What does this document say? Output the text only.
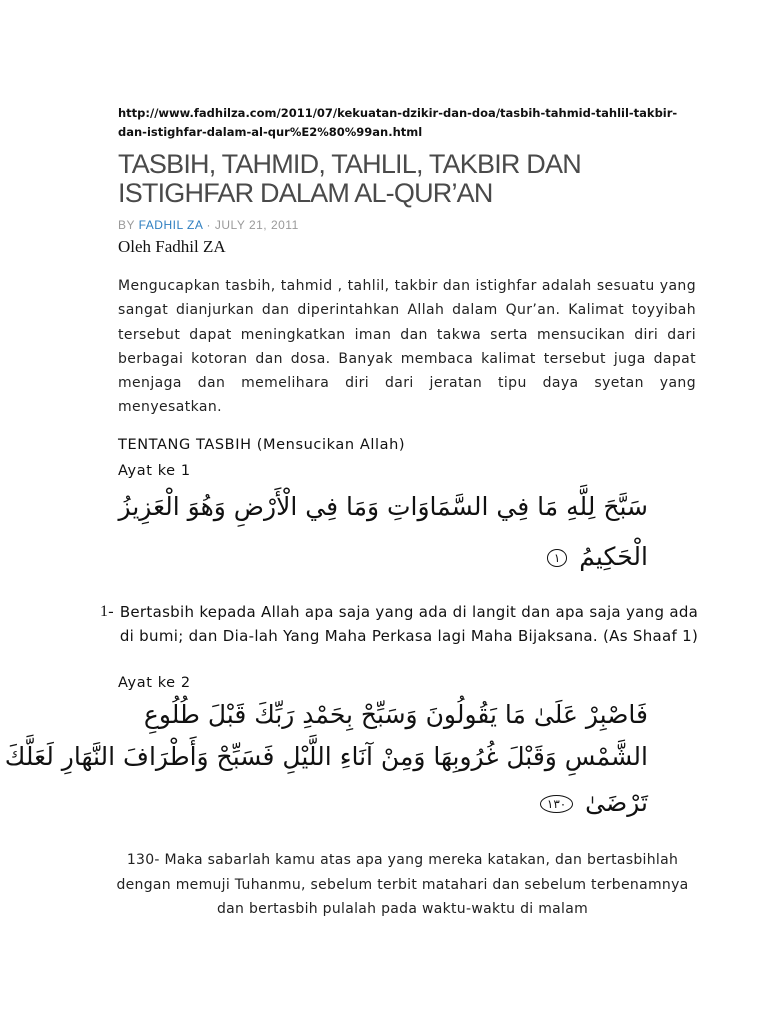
http://www.fadhilza.com/2011/07/kekuatan-dzikir-dan-doa/tasbih-tahmid-tahlil-takbir-dan-istighfar-dalam-al-qur%E2%80%99an.html
TASBIH, TAHMID, TAHLIL, TAKBIR DAN ISTIGHFAR DALAM AL-QUR’AN
BY FADHIL ZA · JULY 21, 2011
Oleh Fadhil ZA

Mengucapkan tasbih, tahmid , tahlil, takbir dan istighfar adalah sesuatu yang sangat dianjurkan dan diperintahkan Allah dalam Qur’an. Kalimat toyyibah tersebut dapat meningkatkan iman dan takwa serta mensucikan diri dari berbagai kotoran dan dosa. Banyak membaca kalimat tersebut juga dapat menjaga dan memelihara diri dari jeratan tipu daya syetan yang menyesatkan.

TENTANG TASBIH (Mensucikan Allah)
Ayat ke 1
سَبَّحَ لِلَّهِ مَا فِي السَّمَاوَاتِ وَمَا فِي الْأَرْضِ وَهُوَ الْعَزِيزُ
الْحَكِيمُ ١
1- Bertasbih kepada Allah apa saja yang ada di langit dan apa saja yang ada di bumi; dan Dia-lah Yang Maha Perkasa lagi Maha Bijaksana. (As Shaaf 1)
Ayat ke 2
فَاصْبِرْ عَلَىٰ مَا يَقُولُونَ وَسَبِّحْ بِحَمْدِ رَبِّكَ قَبْلَ طُلُوعِ
الشَّمْسِ وَقَبْلَ غُرُوبِهَا وَمِنْ آنَاءِ اللَّيْلِ فَسَبِّحْ وَأَطْرَافَ النَّهَارِ لَعَلَّكَ
تَرْضَىٰ ١٣٠
130- Maka sabarlah kamu atas apa yang mereka katakan, dan bertasbihlah dengan memuji Tuhanmu, sebelum terbit matahari dan sebelum terbenamnya dan bertasbih pulalah pada waktu-waktu di malam
